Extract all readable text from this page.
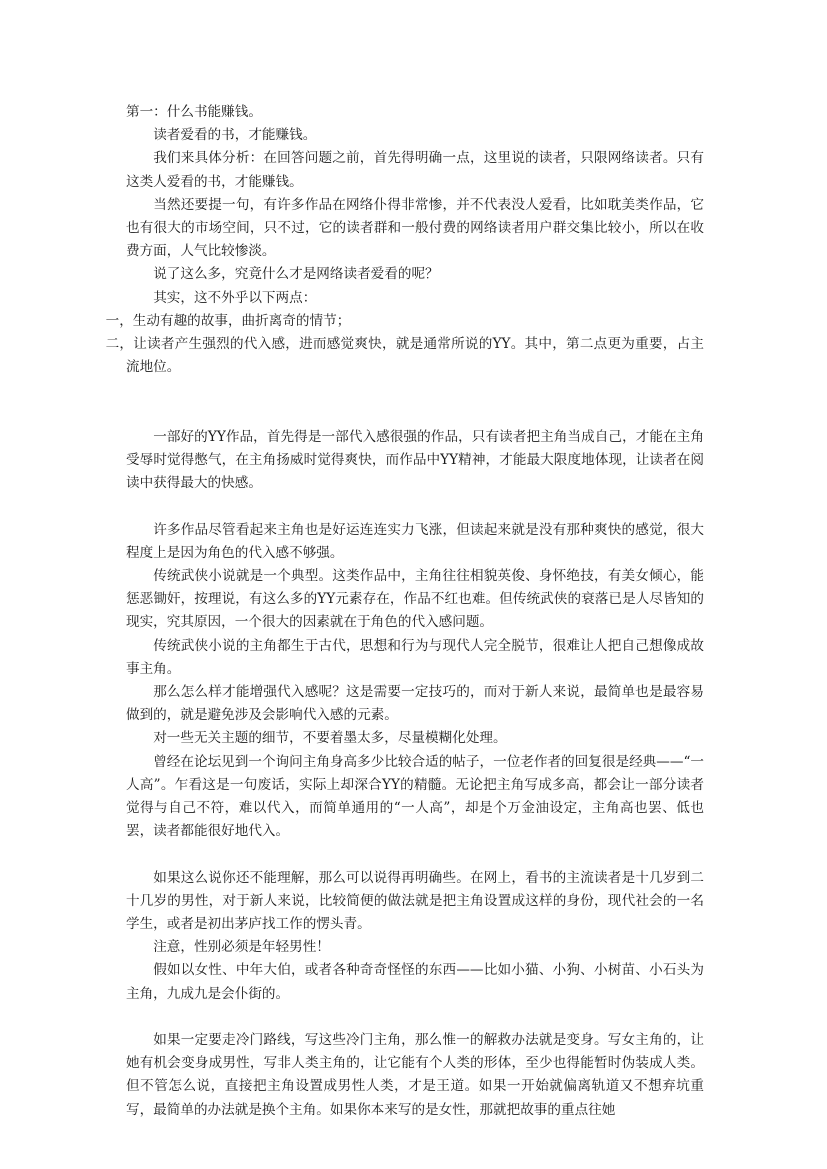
第一：什么书能赚钱。

读者爱看的书，才能赚钱。

我们来具体分析：在回答问题之前，首先得明确一点，这里说的读者，只限网络读者。只有这类人爱看的书，才能赚钱。

当然还要提一句，有许多作品在网络仆得非常惨，并不代表没人爱看，比如耽美类作品，它也有很大的市场空间，只不过，它的读者群和一般付费的网络读者用户群交集比较小，所以在收费方面，人气比较惨淡。

说了这么多，究竟什么才是网络读者爱看的呢？

其实，这不外乎以下两点：

一，生动有趣的故事，曲折离奇的情节；

二，让读者产生强烈的代入感，进而感觉爽快，就是通常所说的YY。其中，第二点更为重要，占主流地位。

一部好的YY作品，首先得是一部代入感很强的作品，只有读者把主角当成自己，才能在主角受辱时觉得憋气，在主角扬威时觉得爽快，而作品中YY精神，才能最大限度地体现，让读者在阅读中获得最大的快感。

许多作品尽管看起来主角也是好运连连实力飞涨，但读起来就是没有那种爽快的感觉，很大程度上是因为角色的代入感不够强。

传统武侠小说就是一个典型。这类作品中，主角往往相貌英俊、身怀绝技，有美女倾心，能惩恶锄奸，按理说，有这么多的YY元素存在，作品不红也难。但传统武侠的衰落已是人尽皆知的现实，究其原因，一个很大的因素就在于角色的代入感问题。

传统武侠小说的主角都生于古代，思想和行为与现代人完全脱节，很难让人把自己想像成故事主角。

那么怎么样才能增强代入感呢？这是需要一定技巧的，而对于新人来说，最简单也是最容易做到的，就是避免涉及会影响代入感的元素。

对一些无关主题的细节，不要着墨太多，尽量模糊化处理。

曾经在论坛见到一个询问主角身高多少比较合适的帖子，一位老作者的回复很是经典——“一人高”。乍看这是一句废话，实际上却深合YY的精髓。无论把主角写成多高，都会让一部分读者觉得与自己不符，难以代入，而简单通用的“一人高”，却是个万金油设定，主角高也罢、低也罢，读者都能很好地代入。

如果这么说你还不能理解，那么可以说得再明确些。在网上，看书的主流读者是十几岁到二十几岁的男性，对于新人来说，比较简便的做法就是把主角设置成这样的身份，现代社会的一名学生，或者是初出茅庐找工作的愣头青。

注意，性别必须是年轻男性！

假如以女性、中年大伯，或者各种奇奇怪怪的东西——比如小猫、小狗、小树苗、小石头为主角，九成九是会仆街的。

如果一定要走冷门路线，写这些冷门主角，那么惟一的解救办法就是变身。写女主角的，让她有机会变身成男性，写非人类主角的，让它能有个人类的形体，至少也得能暂时伪装成人类。但不管怎么说，直接把主角设置成男性人类，才是王道。如果一开始就偏离轨道又不想弃坑重写，最简单的办法就是换个主角。如果你本来写的是女性，那就把故事的重点往她
